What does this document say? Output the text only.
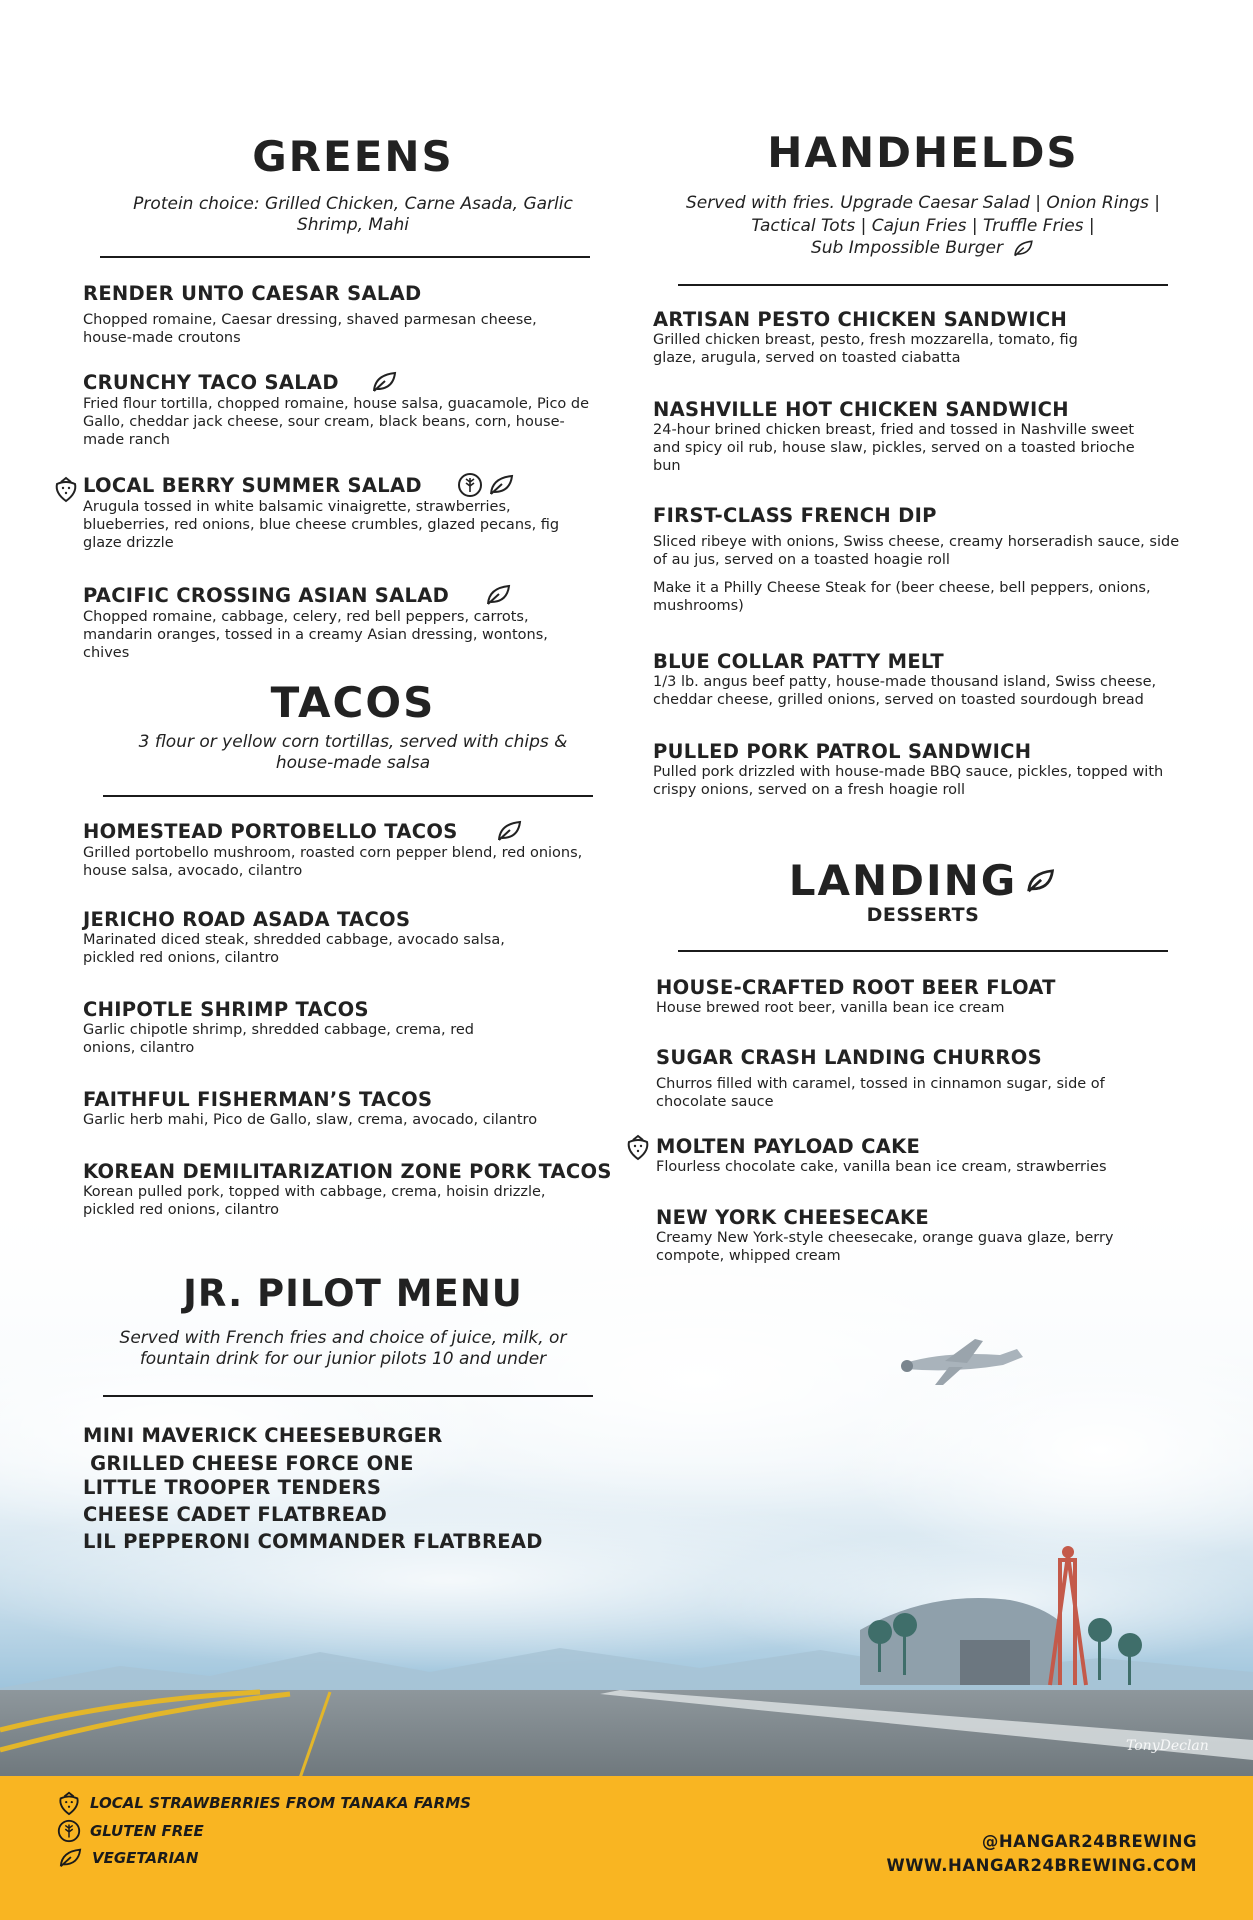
GREENS
Protein choice: Grilled Chicken, Carne Asada, Garlic Shrimp, Mahi
RENDER UNTO CAESAR SALAD
Chopped romaine, Caesar dressing, shaved parmesan cheese, house-made croutons
CRUNCHY TACO SALAD
Fried flour tortilla, chopped romaine, house salsa, guacamole, Pico de Gallo, cheddar jack cheese, sour cream, black beans, corn, house-made ranch
LOCAL BERRY SUMMER SALAD
Arugula tossed in white balsamic vinaigrette, strawberries, blueberries, red onions, blue cheese crumbles, glazed pecans, fig glaze drizzle
PACIFIC CROSSING ASIAN SALAD
Chopped romaine, cabbage, celery, red bell peppers, carrots, mandarin oranges, tossed in a creamy Asian dressing, wontons, chives
TACOS
3 flour or yellow corn tortillas, served with chips & house-made salsa
HOMESTEAD PORTOBELLO TACOS
Grilled portobello mushroom, roasted corn pepper blend, red onions, house salsa, avocado, cilantro
JERICHO ROAD ASADA TACOS
Marinated diced steak, shredded cabbage, avocado salsa, pickled red onions, cilantro
CHIPOTLE SHRIMP TACOS
Garlic chipotle shrimp, shredded cabbage, crema, red onions, cilantro
FAITHFUL FISHERMAN’S TACOS
Garlic herb mahi, Pico de Gallo, slaw, crema, avocado, cilantro
KOREAN DEMILITARIZATION ZONE PORK TACOS
Korean pulled pork, topped with cabbage, crema, hoisin drizzle, pickled red onions, cilantro
JR. PILOT MENU
Served with French fries and choice of juice, milk, or fountain drink for our junior pilots 10 and under
MINI MAVERICK CHEESEBURGER
GRILLED CHEESE FORCE ONE
LITTLE TROOPER TENDERS
CHEESE CADET FLATBREAD
LIL PEPPERONI COMMANDER FLATBREAD
HANDHELDS
Served with fries. Upgrade Caesar Salad | Onion Rings |
Tactical Tots | Cajun Fries | Truffle Fries |
Sub Impossible Burger
ARTISAN PESTO CHICKEN SANDWICH
Grilled chicken breast, pesto, fresh mozzarella, tomato, fig glaze, arugula, served on toasted ciabatta
NASHVILLE HOT CHICKEN SANDWICH
24-hour brined chicken breast, fried and tossed in Nashville sweet and spicy oil rub, house slaw, pickles, served on a toasted brioche bun
FIRST-CLASS FRENCH DIP
Sliced ribeye with onions, Swiss cheese, creamy horseradish sauce, side of au jus, served on a toasted hoagie roll
Make it a Philly Cheese Steak for (beer cheese, bell peppers, onions, mushrooms)
BLUE COLLAR PATTY MELT
1/3 lb. angus beef patty, house-made thousand island, Swiss cheese, cheddar cheese, grilled onions, served on toasted sourdough bread
PULLED PORK PATROL SANDWICH
Pulled pork drizzled with house-made BBQ sauce, pickles, topped with crispy onions, served on a fresh hoagie roll
LANDING
DESSERTS
HOUSE-CRAFTED ROOT BEER FLOAT
House brewed root beer, vanilla bean ice cream
SUGAR CRASH LANDING CHURROS
Churros filled with caramel, tossed in cinnamon sugar, side of chocolate sauce
MOLTEN PAYLOAD CAKE
Flourless chocolate cake, vanilla bean ice cream, strawberries
NEW YORK CHEESECAKE
Creamy New York-style cheesecake, orange guava glaze, berry compote, whipped cream
TonyDeclan
LOCAL STRAWBERRIES FROM TANAKA FARMS
GLUTEN FREE
VEGETARIAN
@HANGAR24BREWING
WWW.HANGAR24BREWING.COM
